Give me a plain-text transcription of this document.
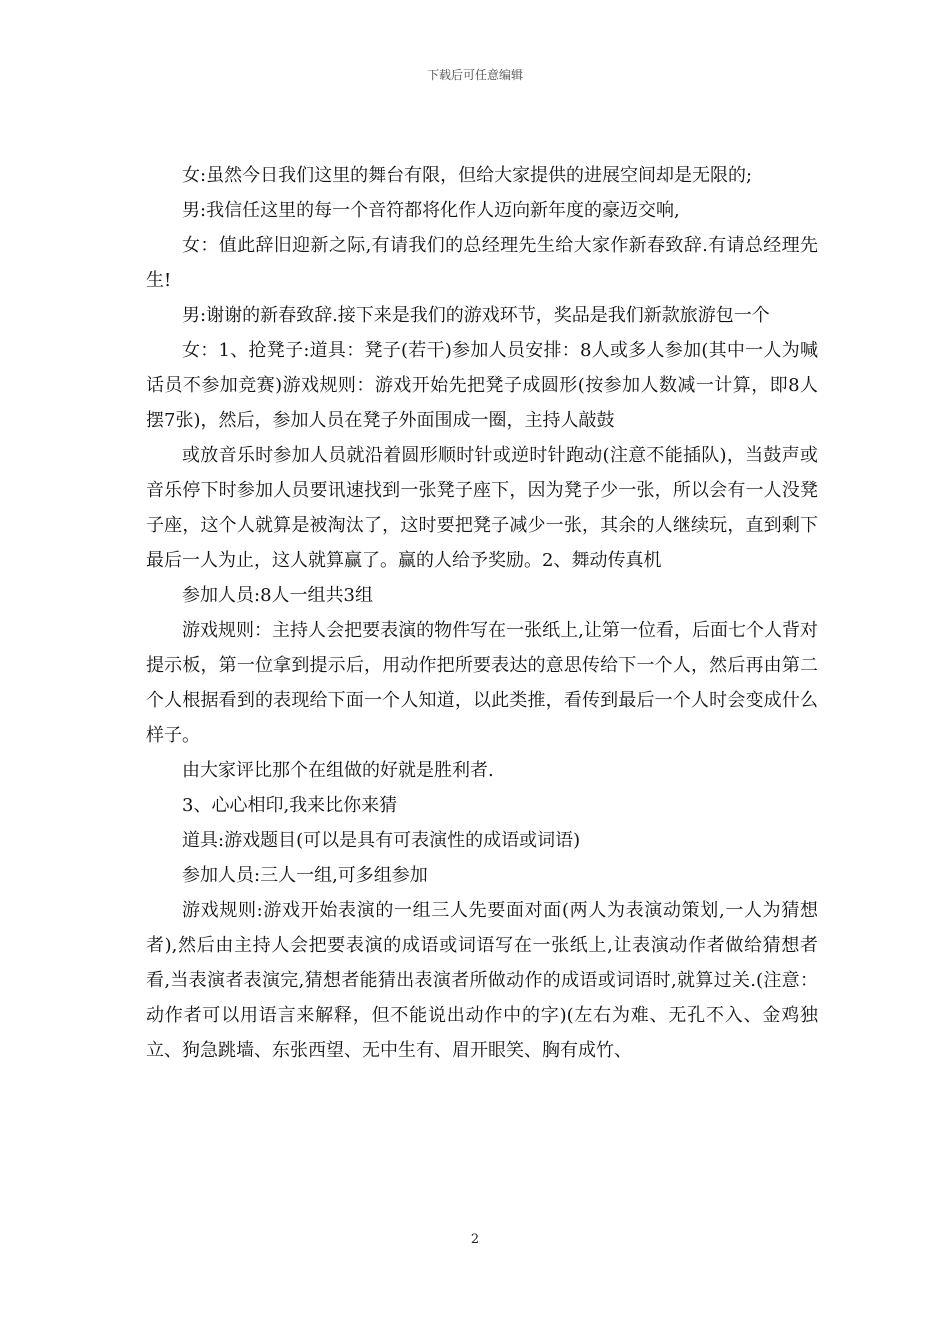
下载后可任意编辑

女:虽然今日我们这里的舞台有限，但给大家提供的进展空间却是无限的;

男:我信任这里的每一个音符都将化作人迈向新年度的豪迈交响,

女：值此辞旧迎新之际,有请我们的总经理先生给大家作新春致辞.有请总经理先生!

男:谢谢的新春致辞.接下来是我们的游戏环节，奖品是我们新款旅游包一个

女：1、抢凳子:道具：凳子(若干)参加人员安排：8人或多人参加(其中一人为喊话员不参加竞赛)游戏规则：游戏开始先把凳子成圆形(按参加人数减一计算，即8人摆7张)，然后，参加人员在凳子外面围成一圈，主持人敲鼓

或放音乐时参加人员就沿着圆形顺时针或逆时针跑动(注意不能插队)，当鼓声或音乐停下时参加人员要讯速找到一张凳子座下，因为凳子少一张，所以会有一人没凳子座，这个人就算是被淘汰了，这时要把凳子减少一张，其余的人继续玩，直到剩下最后一人为止，这人就算赢了。赢的人给予奖励。2、舞动传真机

参加人员:8人一组共3组

游戏规则：主持人会把要表演的物件写在一张纸上,让第一位看，后面七个人背对提示板，第一位拿到提示后，用动作把所要表达的意思传给下一个人，然后再由第二个人根据看到的表现给下面一个人知道，以此类推，看传到最后一个人时会变成什么样子。

由大家评比那个在组做的好就是胜利者.

3、心心相印,我来比你来猜

道具:游戏题目(可以是具有可表演性的成语或词语)

参加人员:三人一组,可多组参加

游戏规则:游戏开始表演的一组三人先要面对面(两人为表演动策划,一人为猜想者),然后由主持人会把要表演的成语或词语写在一张纸上,让表演动作者做给猜想者看,当表演者表演完,猜想者能猜出表演者所做动作的成语或词语时,就算过关.(注意：动作者可以用语言来解释，但不能说出动作中的字)(左右为难、无孔不入、金鸡独立、狗急跳墙、东张西望、无中生有、眉开眼笑、胸有成竹、

2
